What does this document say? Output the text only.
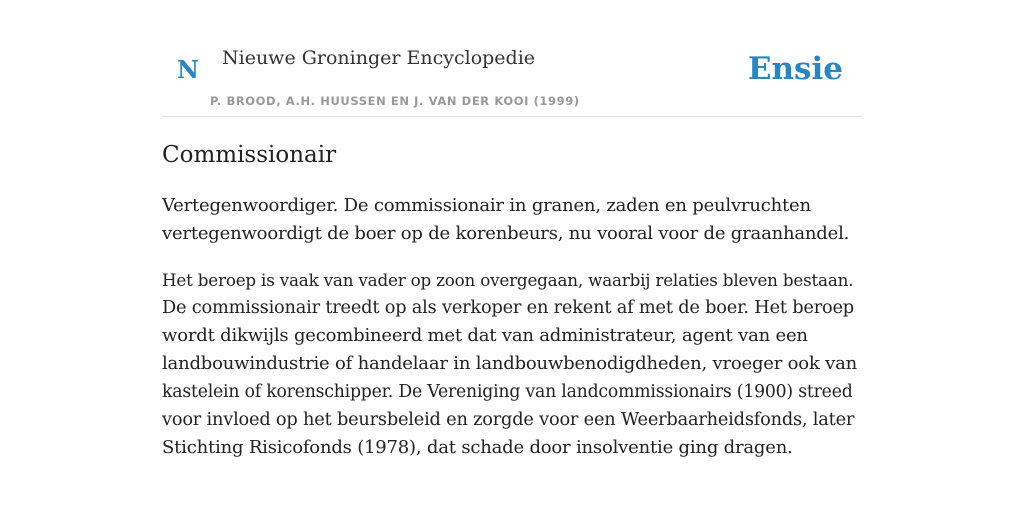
N Nieuwe Groninger Encyclopedie
P. BROOD, A.H. HUUSSEN EN J. VAN DER KOOI (1999)
Ensie
Commissionair

Vertegenwoordiger. De commissionair in granen, zaden en peulvruchten
vertegenwoordigt de boer op de korenbeurs, nu vooral voor de graanhandel.

Het beroep is vaak van vader op zoon overgegaan, waarbij relaties bleven bestaan.
De commissionair treedt op als verkoper en rekent af met de boer. Het beroep
wordt dikwijls gecombineerd met dat van administrateur, agent van een
landbouwindustrie of handelaar in landbouwbenodigdheden, vroeger ook van
kastelein of korenschipper. De Vereniging van landcommissionairs (1900) streed
voor invloed op het beursbeleid en zorgde voor een Weerbaarheidsfonds, later
Stichting Risicofonds (1978), dat schade door insolventie ging dragen.
